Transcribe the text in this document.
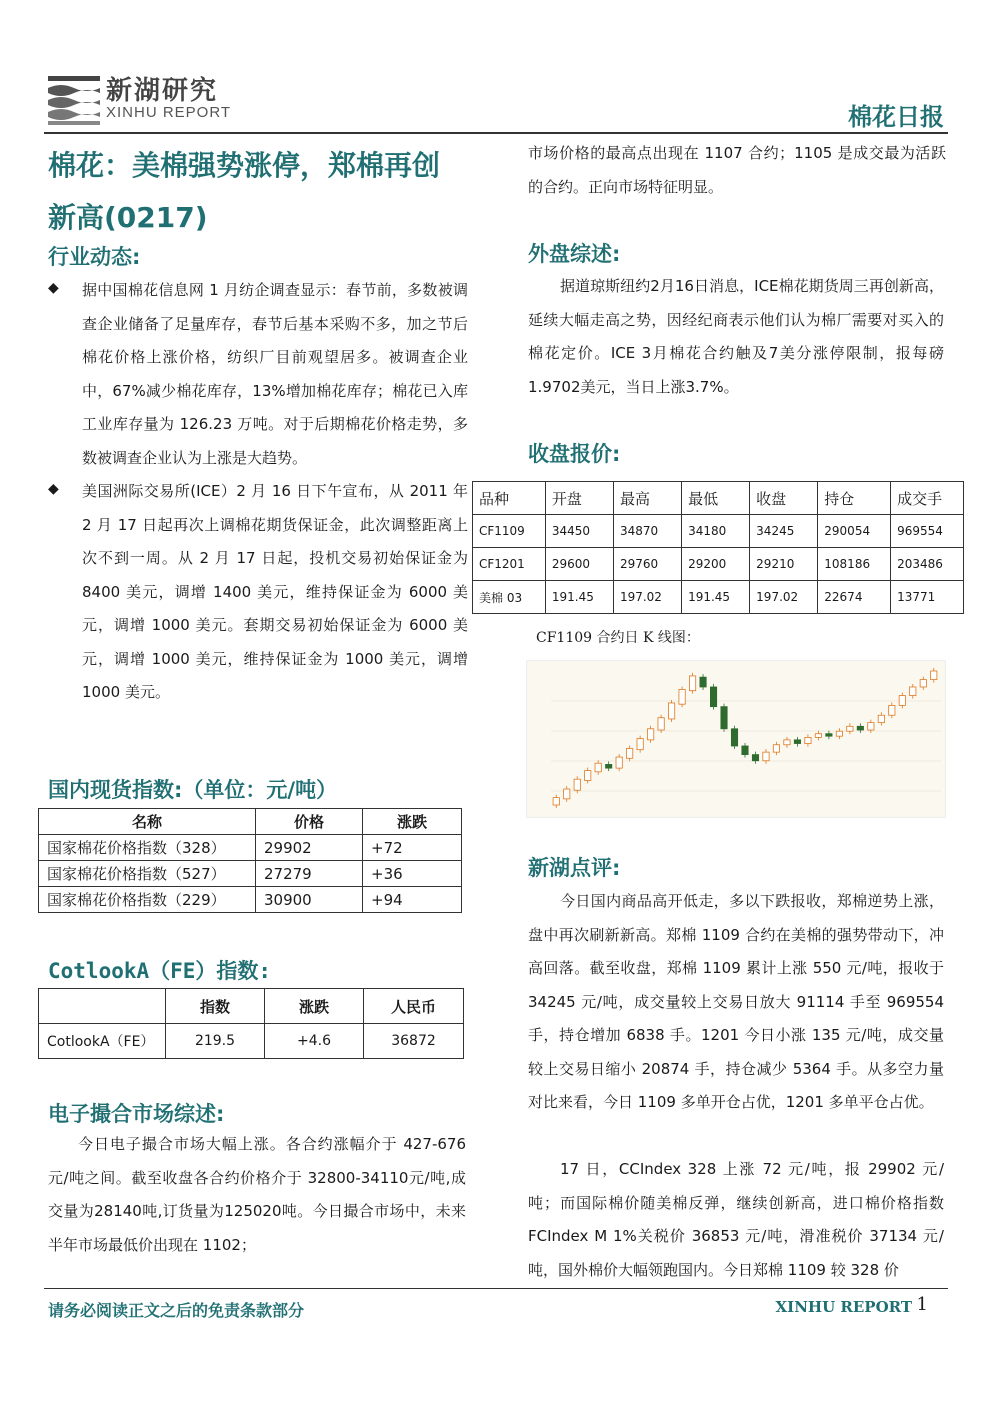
新湖研究
XINHU REPORT	棉花日报
棉花：美棉强势涨停，郑棉再创
新高(0217)
行业动态:
◆ 据中国棉花信息网 1 月纺企调查显示：春节前，多数被调查企业储备了足量库存，春节后基本采购不多，加之节后棉花价格上涨价格，纺织厂目前观望居多。被调查企业中，67%减少棉花库存，13%增加棉花库存；棉花已入库工业库存量为 126.23 万吨。对于后期棉花价格走势，多数被调查企业认为上涨是大趋势。
◆ 美国洲际交易所(ICE）2 月 16 日下午宣布，从 2011 年 2 月 17 日起再次上调棉花期货保证金，此次调整距离上次不到一周。从 2 月 17 日起，投机交易初始保证金为 8400 美元，调增 1400 美元，维持保证金为 6000 美元，调增 1000 美元。套期交易初始保证金为 6000 美元，调增 1000 美元，维持保证金为 1000 美元，调增1000 美元。
国内现货指数:（单位：元/吨）
名称	价格	涨跌
国家棉花价格指数（328）	29902	+72
国家棉花价格指数（527）	27279	+36
国家棉花价格指数（229）	30900	+94
CotlookA（FE）指数:
	指数	涨跌	人民币
CotlookA（FE）	219.5	+4.6	36872
电子撮合市场综述:
今日电子撮合市场大幅上涨。各合约涨幅介于 427-676 元/吨之间。截至收盘各合约价格介于 32800-34110元/吨,成交量为28140吨,订货量为125020吨。今日撮合市场中，未来半年市场最低价出现在 1102；
市场价格的最高点出现在 1107 合约；1105 是成交最为活跃的合约。正向市场特征明显。
外盘综述:
据道琼斯纽约2月16日消息，ICE棉花期货周三再创新高，延续大幅走高之势，因经纪商表示他们认为棉厂需要对买入的棉花定价。ICE 3月棉花合约触及7美分涨停限制，报每磅1.9702美元，当日上涨3.7%。
收盘报价:
品种	开盘	最高	最低	收盘	持仓	成交手
CF1109	34450	34870	34180	34245	290054	969554
CF1201	29600	29760	29200	29210	108186	203486
美棉 03	191.45	197.02	191.45	197.02	22674	13771
CF1109 合约日 K 线图：
新湖点评:
今日国内商品高开低走，多以下跌报收，郑棉逆势上涨，盘中再次刷新新高。郑棉 1109 合约在美棉的强势带动下，冲高回落。截至收盘，郑棉 1109 累计上涨 550 元/吨，报收于 34245 元/吨，成交量较上交易日放大 91114 手至 969554 手，持仓增加 6838 手。1201 今日小涨 135 元/吨，成交量较上交易日缩小 20874 手，持仓减少 5364 手。从多空力量对比来看，今日 1109 多单开仓占优，1201 多单平仓占优。
17 日，CCIndex 328 上涨 72 元/吨，报 29902 元/吨；而国际棉价随美棉反弹，继续创新高，进口棉价格指数 FCIndex M 1%关税价 36853 元/吨，滑准税价 37134 元/吨，国外棉价大幅领跑国内。今日郑棉 1109 较 328 价
请务必阅读正文之后的免责条款部分	XINHU REPORT 1
